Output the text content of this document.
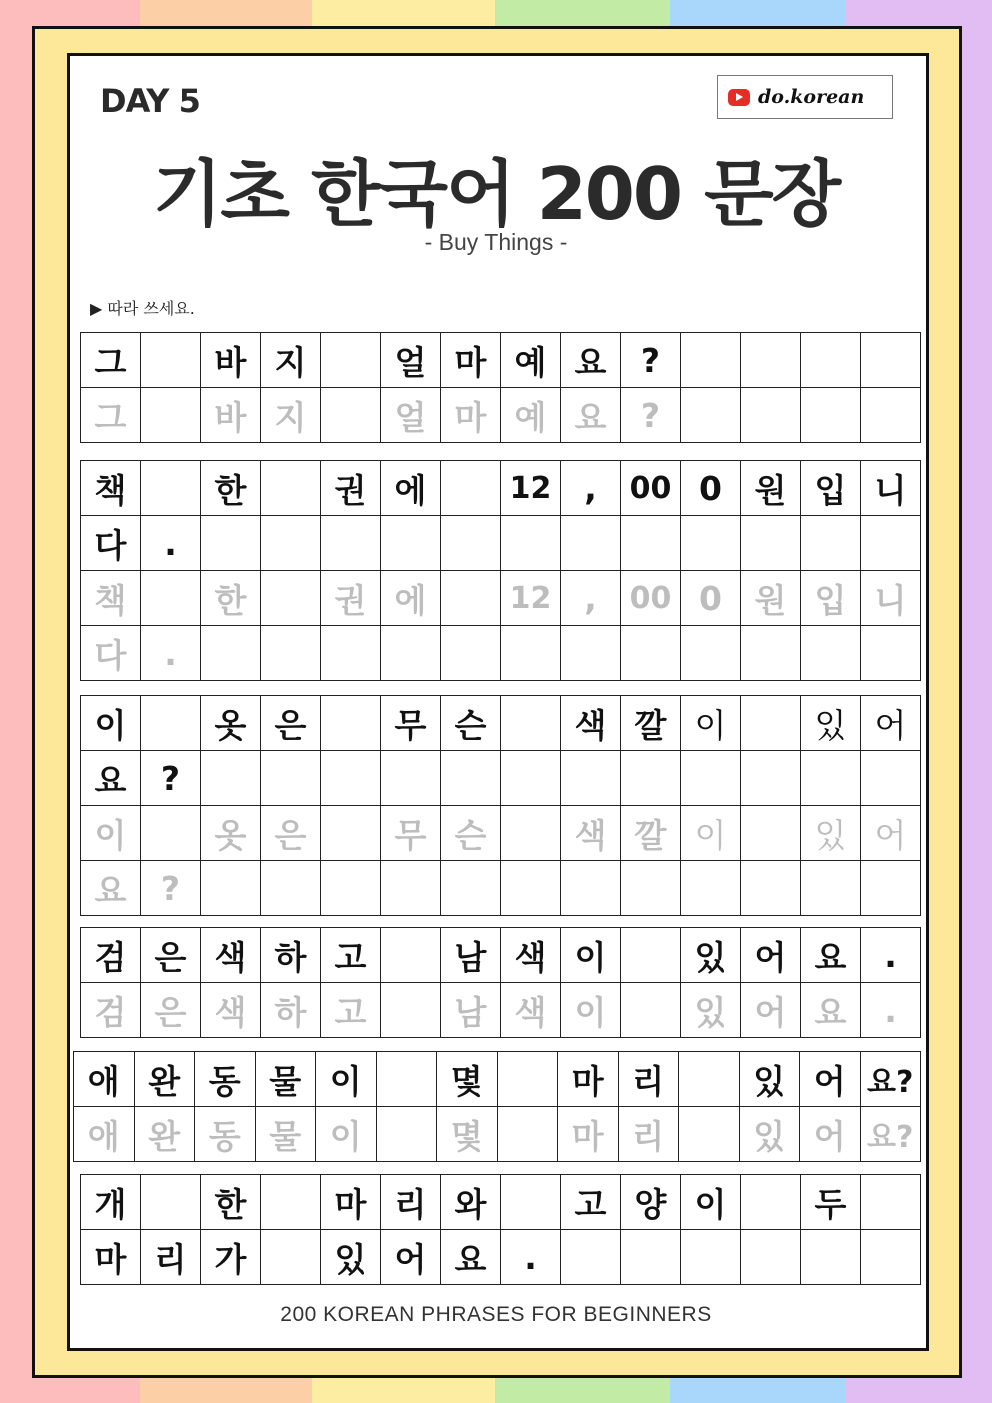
DAY 5	do.korean
기초 한국어 200 문장
- Buy Things -
▶ 따라 쓰세요.
그		바	지		얼	마	예	요	?				
그		바	지		얼	마	예	요	?				
책		한		권	에		12	,	00	0	원	입	니
다	.												
책		한		권	에		12	,	00	0	원	입	니
다	.												
이		옷	은		무	슨		색	깔	이		있	어
요	?												
이		옷	은		무	슨		색	깔	이		있	어
요	?												
검	은	색	하	고		남	색	이		있	어	요	.
검	은	색	하	고		남	색	이		있	어	요	.
애	완	동	물	이		몇		마	리		있	어	요?
애	완	동	물	이		몇		마	리		있	어	요?
개		한		마	리	와		고	양	이		두	
마	리	가		있	어	요	.						
200 KOREAN PHRASES FOR BEGINNERS
